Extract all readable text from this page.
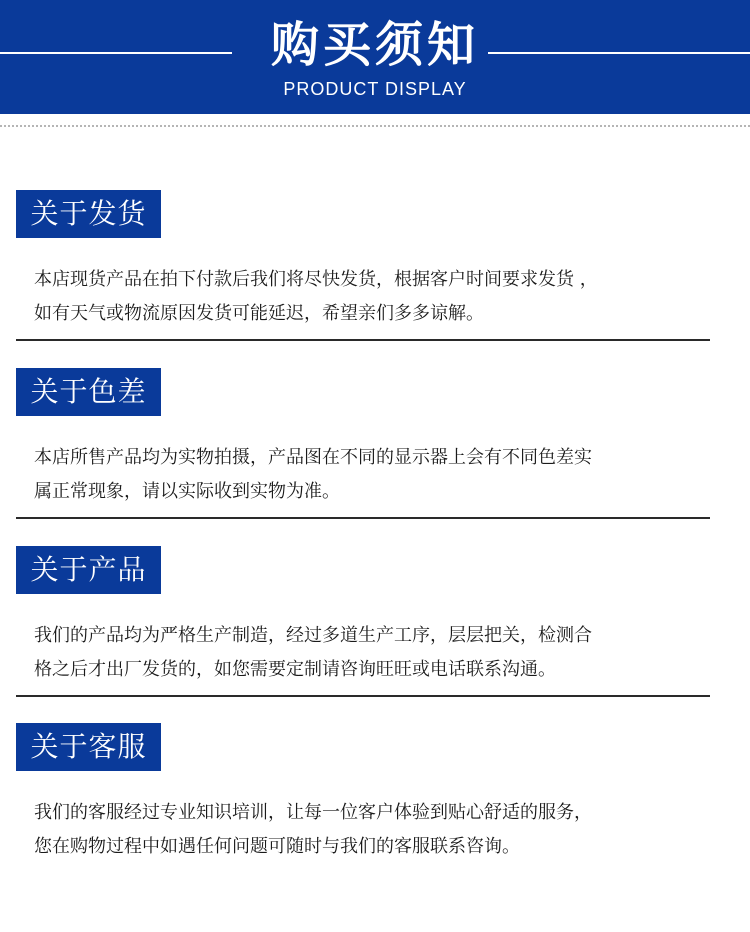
购买须知
PRODUCT DISPLAY
关于发货
本店现货产品在拍下付款后我们将尽快发货，根据客户时间要求发货 ，
如有天气或物流原因发货可能延迟，希望亲们多多谅解。
关于色差
本店所售产品均为实物拍摄，产品图在不同的显示器上会有不同色差实
属正常现象，请以实际收到实物为准。
关于产品
我们的产品均为严格生产制造，经过多道生产工序，层层把关，检测合
格之后才出厂发货的，如您需要定制请咨询旺旺或电话联系沟通。
关于客服
我们的客服经过专业知识培训，让每一位客户体验到贴心舒适的服务，
您在购物过程中如遇任何问题可随时与我们的客服联系咨询。
